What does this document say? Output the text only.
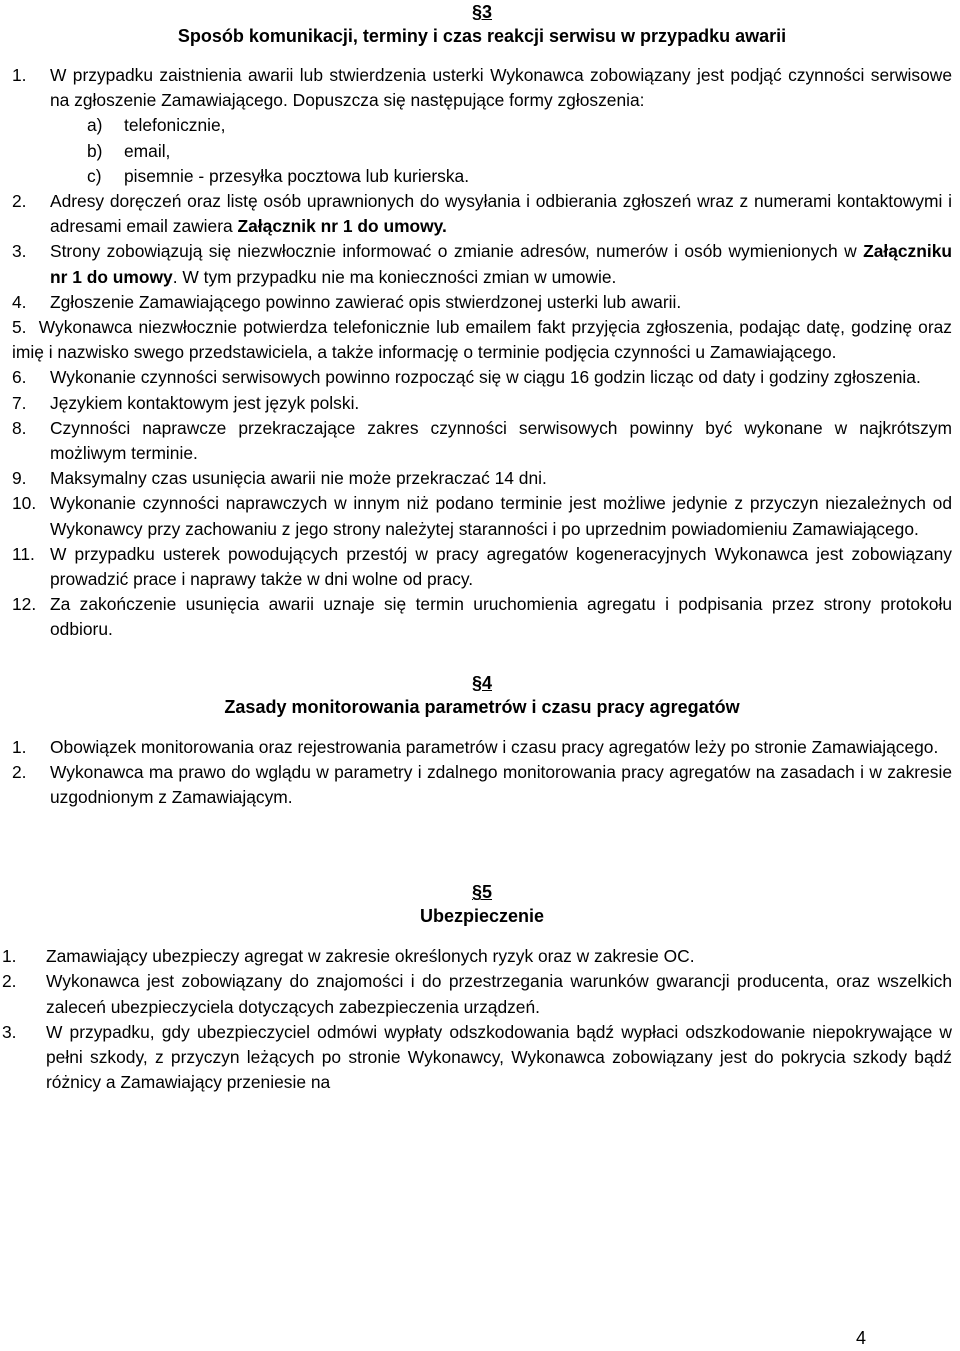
§3
Sposób komunikacji, terminy i czas reakcji serwisu w przypadku awarii
1. W przypadku zaistnienia awarii lub stwierdzenia usterki Wykonawca zobowiązany jest podjąć czynności serwisowe na zgłoszenie Zamawiającego. Dopuszcza się następujące formy zgłoszenia:
a) telefonicznie,
b) email,
c) pisemnie - przesyłka pocztowa lub kurierska.
2. Adresy doręczeń oraz listę osób uprawnionych do wysyłania i odbierania zgłoszeń wraz z numerami kontaktowymi i adresami email zawiera Załącznik nr 1 do umowy.
3. Strony zobowiązują się niezwłocznie informować o zmianie adresów, numerów i osób wymienionych w Załączniku nr 1 do umowy. W tym przypadku nie ma konieczności zmian w umowie.
4. Zgłoszenie Zamawiającego powinno zawierać opis stwierdzonej usterki lub awarii.
5. Wykonawca niezwłocznie potwierdza telefonicznie lub emailem fakt przyjęcia zgłoszenia, podając datę, godzinę oraz imię i nazwisko swego przedstawiciela, a także informację o terminie podjęcia czynności u Zamawiającego.
6. Wykonanie czynności serwisowych powinno rozpocząć się w ciągu 16 godzin licząc od daty i godziny zgłoszenia.
7. Językiem kontaktowym jest język polski.
8. Czynności naprawcze przekraczające zakres czynności serwisowych powinny być wykonane w najkrótszym możliwym terminie.
9. Maksymalny czas usunięcia awarii nie może przekraczać 14 dni.
10. Wykonanie czynności naprawczych w innym niż podano terminie jest możliwe jedynie z przyczyn niezależnych od Wykonawcy przy zachowaniu z jego strony należytej staranności i po uprzednim powiadomieniu Zamawiającego.
11. W przypadku usterek powodujących przestój w pracy agregatów kogeneracyjnych Wykonawca jest zobowiązany prowadzić prace i naprawy także w dni wolne od pracy.
12. Za zakończenie usunięcia awarii uznaje się termin uruchomienia agregatu i podpisania przez strony protokołu odbioru.
§4
Zasady monitorowania parametrów i czasu pracy agregatów
1. Obowiązek monitorowania oraz rejestrowania parametrów i czasu pracy agregatów leży po stronie Zamawiającego.
2. Wykonawca ma prawo do wglądu w parametry i zdalnego monitorowania pracy agregatów na zasadach i w zakresie uzgodnionym z Zamawiającym.
§5
Ubezpieczenie
1. Zamawiający ubezpieczy agregat w zakresie określonych ryzyk oraz w zakresie OC.
2. Wykonawca jest zobowiązany do znajomości i do przestrzegania warunków gwarancji producenta, oraz wszelkich zaleceń ubezpieczyciela dotyczących zabezpieczenia urządzeń.
3. W przypadku, gdy ubezpieczyciel odmówi wypłaty odszkodowania bądź wypłaci odszkodowanie niepokrywające w pełni szkody, z przyczyn leżących po stronie Wykonawcy, Wykonawca zobowiązany jest do pokrycia szkody bądź różnicy a Zamawiający przeniesie na
4
